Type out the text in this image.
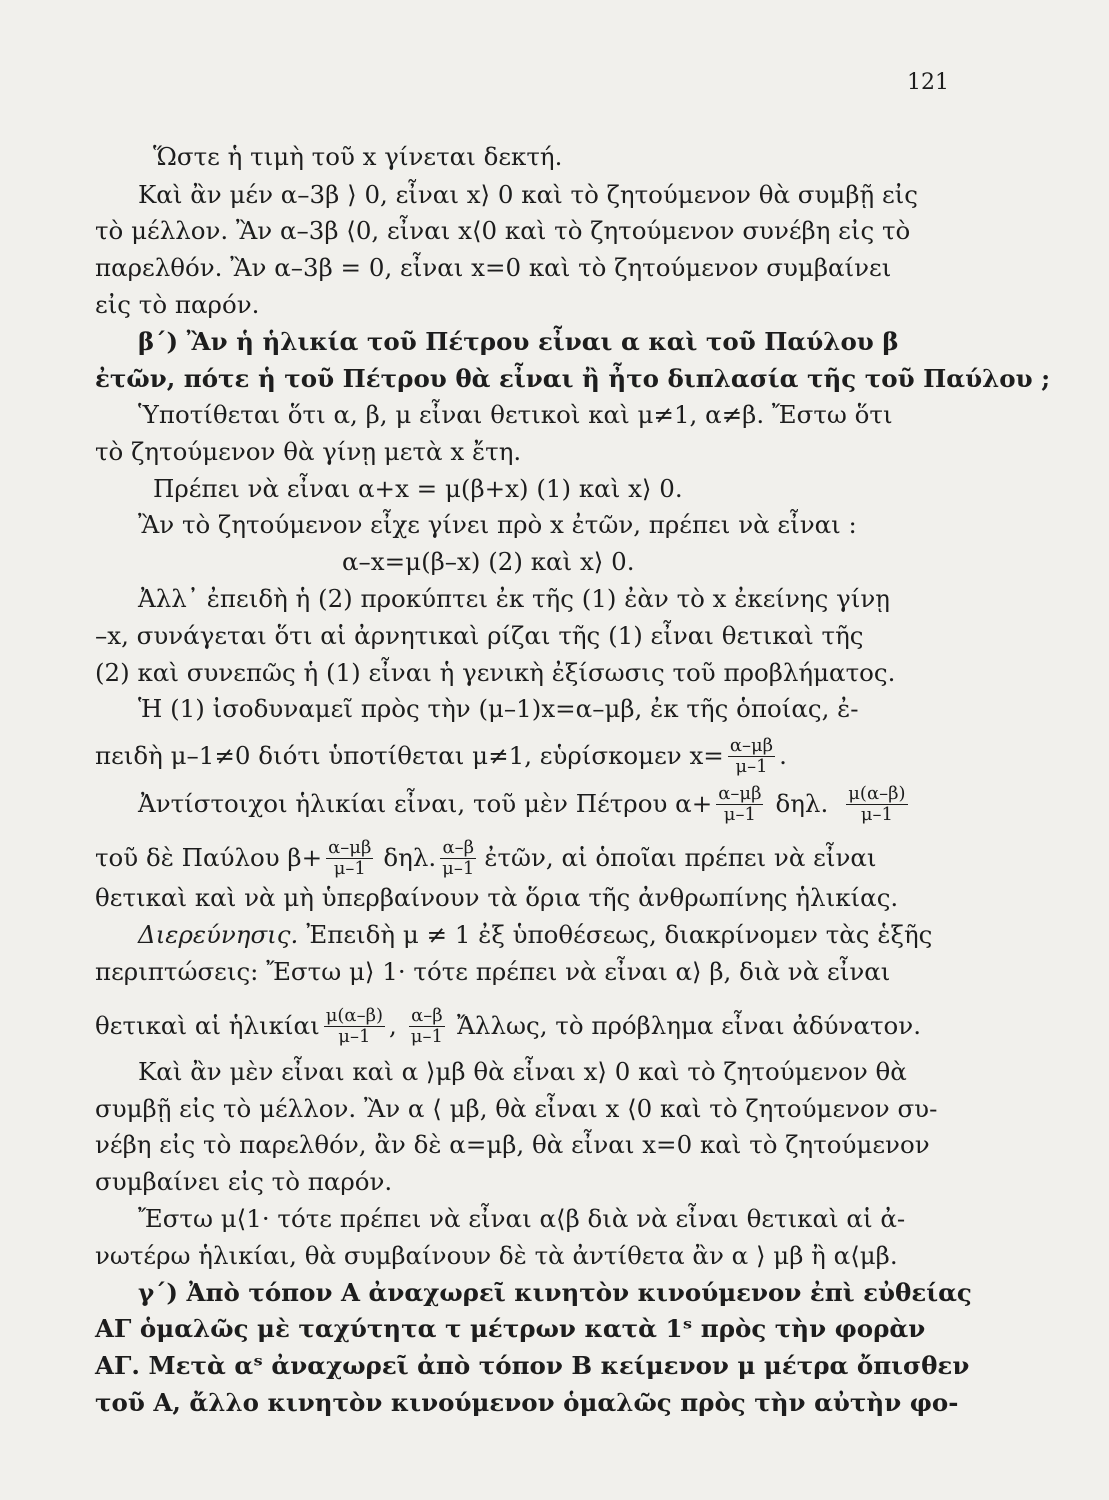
121
Ὥστε ἡ τιμὴ τοῦ x γίνεται δεκτή.
Καὶ ἂν μέν α–3β ⟩ 0, εἶναι x⟩ 0 καὶ τὸ ζητούμενον θὰ συμβῇ εἰς
τὸ μέλλον. Ἂν α–3β ⟨0, εἶναι x⟨0 καὶ τὸ ζητούμενον συνέβη εἰς τὸ
παρελθόν. Ἂν α–3β = 0, εἶναι x=0 καὶ τὸ ζητούμενον συμβαίνει
εἰς τὸ παρόν.
β΄) Ἂν ἡ ἡλικία τοῦ Πέτρου εἶναι α καὶ τοῦ Παύλου β
ἐτῶν, πότε ἡ τοῦ Πέτρου θὰ εἶναι ἢ ἦτο διπλασία τῆς τοῦ Παύλου ;
Ὑποτίθεται ὅτι α, β, μ εἶναι θετικοὶ καὶ μ≠1, α≠β. Ἔστω ὅτι
τὸ ζητούμενον θὰ γίνῃ μετὰ x ἔτη.
Πρέπει νὰ εἶναι α+x = μ(β+x) (1) καὶ x⟩ 0.
Ἂν τὸ ζητούμενον εἶχε γίνει πρὸ x ἐτῶν, πρέπει νὰ εἶναι :
α–x=μ(β–x) (2) καὶ x⟩ 0.
Ἀλλ᾽ ἐπειδὴ ἡ (2) προκύπτει ἐκ τῆς (1) ἐὰν τὸ x ἐκείνης γίνῃ
–x, συνάγεται ὅτι αἱ ἀρνητικαὶ ρίζαι τῆς (1) εἶναι θετικαὶ τῆς
(2) καὶ συνεπῶς ἡ (1) εἶναι ἡ γενικὴ ἐξίσωσις τοῦ προβλήματος.
Ἡ (1) ἰσοδυναμεῖ πρὸς τὴν (μ–1)x=α–μβ, ἐκ τῆς ὁποίας, ἐ-
πειδὴ μ–1≠0 διότι ὑποτίθεται μ≠1, εὑρίσκομεν $x= \frac{\alpha-\mu\beta}{\mu-1}$ .
Ἀντίστοιχοι ἡλικίαι εἶναι, τοῦ μὲν Πέτρου $\alpha+ \frac{\alpha-\mu\beta}{\mu-1} \delta\eta\lambda$. $\frac{\mu(\alpha-\beta)}{\mu-1}$
τοῦ δὲ Παύλου $\beta+ \frac{\alpha-\mu\beta}{\mu-1} \delta\eta\lambda$. $\frac{\alpha-\beta}{\mu-1}$ ἐτῶν, αἱ ὁποῖαι πρέπει νὰ εἶναι
θετικαὶ καὶ νὰ μὴ ὑπερβαίνουν τὰ ὅρια τῆς ἀνθρωπίνης ἡλικίας.
Διερεύνησις. Ἐπειδὴ μ ≠ 1 ἐξ ὑποθέσεως, διακρίνομεν τὰς ἑξῆς
περιπτώσεις: Ἔστω μ⟩ 1· τότε πρέπει νὰ εἶναι α⟩ β, διὰ νὰ εἶναι
θετικαὶ αἱ ἡλικίαι $\frac{\mu(\alpha-\beta)}{\mu-1}$ , $\frac{\alpha-\beta}{\mu-1}$ Ἄλλως, τὸ πρόβλημα εἶναι ἀδύνατον.
Καὶ ἂν μὲν εἶναι καὶ α ⟩μβ θὰ εἶναι x⟩ 0 καὶ τὸ ζητούμενον θὰ
συμβῇ εἰς τὸ μέλλον. Ἂν α ⟨ μβ, θὰ εἶναι x ⟨0 καὶ τὸ ζητούμενον συ-
νέβη εἰς τὸ παρελθόν, ἂν δὲ α=μβ, θὰ εἶναι x=0 καὶ τὸ ζητούμενον
συμβαίνει εἰς τὸ παρόν.
Ἔστω μ⟨1· τότε πρέπει νὰ εἶναι α⟨β διὰ νὰ εἶναι θετικαὶ αἱ ἀ-
νωτέρω ἡλικίαι, θὰ συμβαίνουν δὲ τὰ ἀντίθετα ἂν α ⟩ μβ ἢ α⟨μβ.
γ΄) Ἀπὸ τόπον Α ἀναχωρεῖ κινητὸν κινούμενον ἐπὶ εὐθείας
ΑΓ ὁμαλῶς μὲ ταχύτητα τ μέτρων κατὰ 1ˢ πρὸς τὴν φορὰν
ΑΓ. Μετὰ αˢ ἀναχωρεῖ ἀπὸ τόπον Β κείμενον μ μέτρα ὄπισθεν
τοῦ Α, ἄλλο κινητὸν κινούμενον ὁμαλῶς πρὸς τὴν αὐτὴν φο-
